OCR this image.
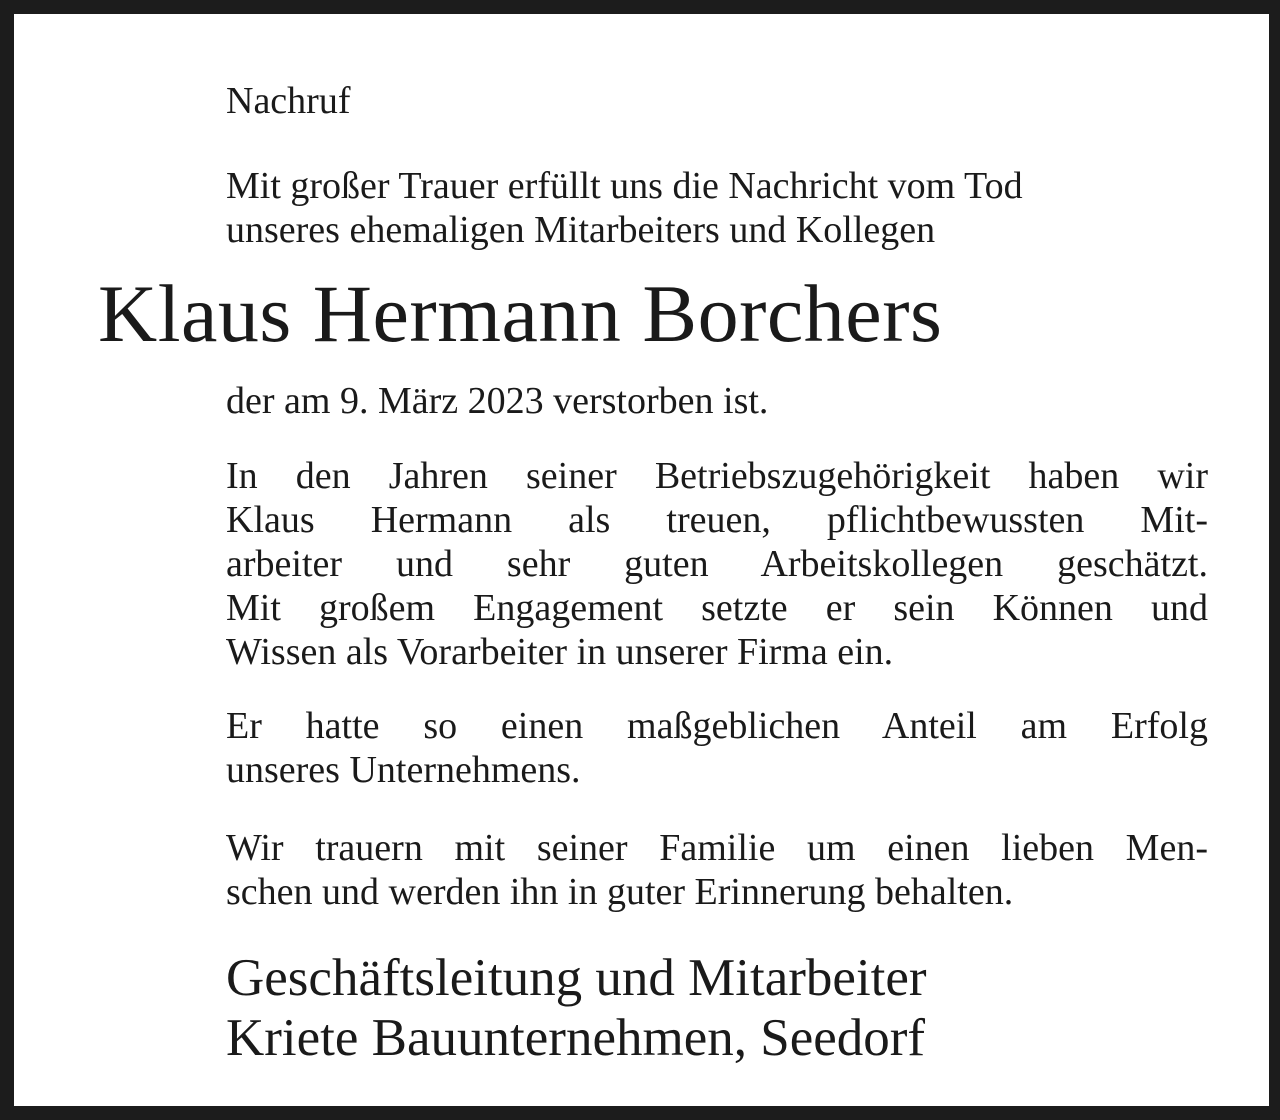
Nachruf

Mit großer Trauer erfüllt uns die Nachricht vom Tod
unseres ehemaligen Mitarbeiters und Kollegen

Klaus Hermann Borchers

der am 9. März 2023 verstorben ist.

In den Jahren seiner Betriebszugehörigkeit haben wir
Klaus Hermann als treuen, pflichtbewussten Mit-
arbeiter und sehr guten Arbeitskollegen geschätzt.
Mit großem Engagement setzte er sein Können und
Wissen als Vorarbeiter in unserer Firma ein.

Er hatte so einen maßgeblichen Anteil am Erfolg
unseres Unternehmens.

Wir trauern mit seiner Familie um einen lieben Men-
schen und werden ihn in guter Erinnerung behalten.

Geschäftsleitung und Mitarbeiter
Kriete Bauunternehmen, Seedorf
